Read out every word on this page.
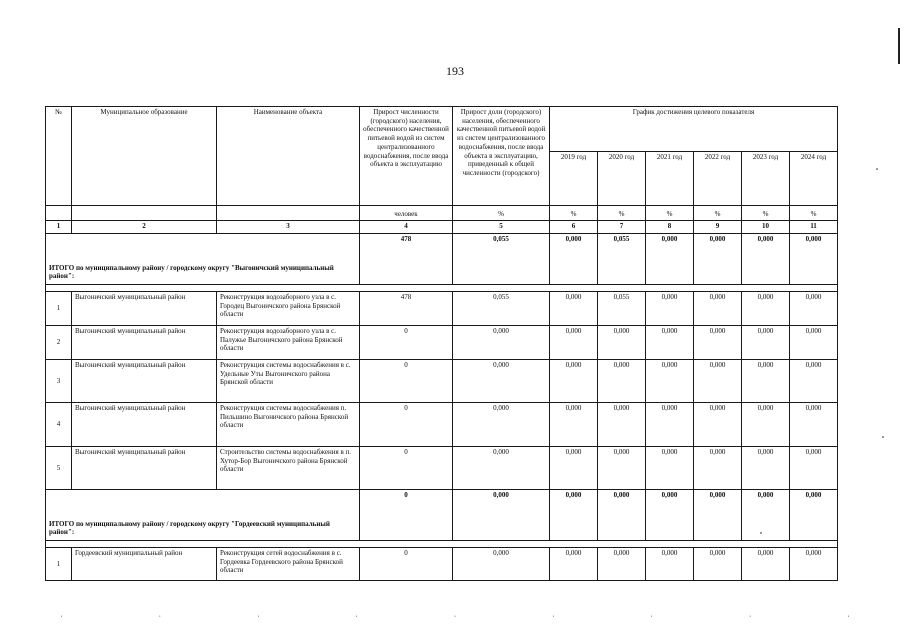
193
№	Муниципальное образование	Наименование объекта	Прирост численности (городского) населения, обеспеченного качественной питьевой водой из систем централизованного водоснабжения, после ввода объекта в эксплуатацию	Прирост доли (городского) населения, обеспеченного качественной питьевой водой из систем централизованного водоснабжения, после ввода объекта в эксплуатацию, приведенный к общей численности (городского)	График достижения целевого показателя					
					2019 год	2020 год	2021 год	2022 год	2023 год	2024 год
			человек	%	%	%	%	%	%	%
1	2	3	4	5	6	7	8	9	10	11
ИТОГО по муниципальному району / городскому округу "Выгоничский муниципальный район":			478	0,055	0,000	0,055	0,000	0,000	0,000	0,000

1	Выгоничский муниципальный район	Реконструкция водозаборного узла в с. Городец Выгоничского района Брянской области	478	0,055	0,000	0,055	0,000	0,000	0,000	0,000
2	Выгоничский муниципальный район	Реконструкция водозаборного узла в с. Палужье Выгоничского района Брянской области	0	0,000	0,000	0,000	0,000	0,000	0,000	0,000
3	Выгоничский муниципальный район	Реконструкция системы водоснабжения в с. Удельные Уты Выгоничского района Брянской области	0	0,000	0,000	0,000	0,000	0,000	0,000	0,000
4	Выгоничский муниципальный район	Реконструкция системы водоснабжения п. Пильшино Выгоничского района Брянской области	0	0,000	0,000	0,000	0,000	0,000	0,000	0,000
5	Выгоничский муниципальный район	Строительство системы водоснабжения в п. Хутор-Бор Выгоничского района Брянской области	0	0,000	0,000	0,000	0,000	0,000	0,000	0,000
ИТОГО по муниципальному району / городскому округу "Гордеевский муниципальный район":			0	0,000	0,000	0,000	0,000	0,000	0,000	0,000

1	Гордеевский муниципальный район	Реконструкция сетей водоснабжения в с. Гордеевка Гордеевского района Брянской области	0	0,000	0,000	0,000	0,000	0,000	0,000	0,000
ˈ	ˈ	ˈ	ˈ	ˈ	ˈ	ˈ	ˈ	ˈ
